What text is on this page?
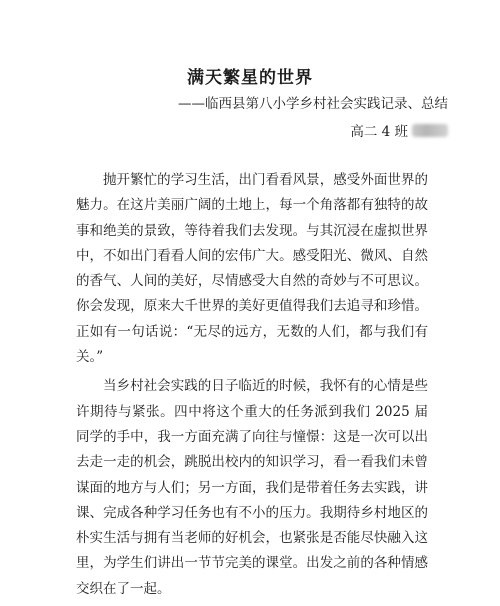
满天繁星的世界

——临西县第八小学乡村社会实践记录、总结

高二 4 班

抛开繁忙的学习生活，出门看看风景，感受外面世界的魅力。在这片美丽广阔的土地上，每一个角落都有独特的故事和绝美的景致，等待着我们去发现。与其沉浸在虚拟世界中，不如出门看看人间的宏伟广大。感受阳光、微风、自然的香气、人间的美好，尽情感受大自然的奇妙与不可思议。你会发现，原来大千世界的美好更值得我们去追寻和珍惜。正如有一句话说：“无尽的远方，无数的人们，都与我们有关。”

当乡村社会实践的日子临近的时候，我怀有的心情是些许期待与紧张。四中将这个重大的任务派到我们 2025 届同学的手中，我一方面充满了向往与憧憬：这是一次可以出去走一走的机会，跳脱出校内的知识学习，看一看我们未曾谋面的地方与人们；另一方面，我们是带着任务去实践，讲课、完成各种学习任务也有不小的压力。我期待乡村地区的朴实生活与拥有当老师的好机会，也紧张是否能尽快融入这里，为学生们讲出一节节完美的课堂。出发之前的各种情感交织在了一起。
